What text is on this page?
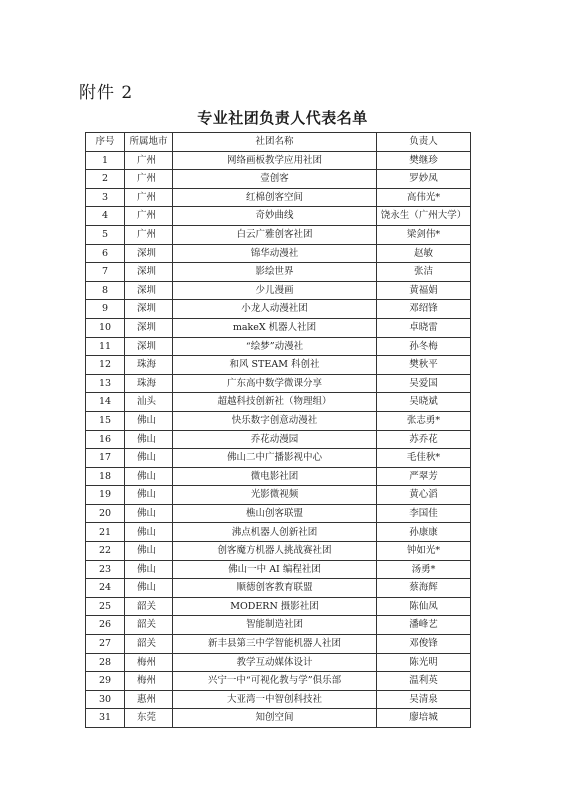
附件 2
专业社团负责人代表名单
序号	所属地市	社团名称	负责人
1	广州	网络画板教学应用社团	樊继珍
2	广州	壹创客	罗妙凤
3	广州	红棉创客空间	高伟光*
4	广州	奇妙曲线	饶永生（广州大学）
5	广州	白云广雅创客社团	梁剑伟*
6	深圳	锦华动漫社	赵敏
7	深圳	影绘世界	张洁
8	深圳	少儿漫画	黄福娟
9	深圳	小龙人动漫社团	邓绍锋
10	深圳	makeX 机器人社团	卓晓雷
11	深圳	“绘梦”动漫社	孙冬梅
12	珠海	和风 STEAM 科创社	樊秋平
13	珠海	广东高中数学微课分享	吴爱国
14	汕头	超越科技创新社（物理组）	吴晓斌
15	佛山	快乐数字创意动漫社	张志勇*
16	佛山	乔花动漫园	苏乔花
17	佛山	佛山二中广播影视中心	毛佳秋*
18	佛山	微电影社团	严翠芳
19	佛山	光影微视频	黄心滔
20	佛山	樵山创客联盟	李国佳
21	佛山	沸点机器人创新社团	孙康康
22	佛山	创客魔方机器人挑战赛社团	钟如光*
23	佛山	佛山一中 AI 编程社团	汤勇*
24	佛山	顺德创客教育联盟	蔡海辉
25	韶关	MODERN 摄影社团	陈仙凤
26	韶关	智能制造社团	潘峰艺
27	韶关	新丰县第三中学智能机器人社团	邓俊锋
28	梅州	教学互动媒体设计	陈光明
29	梅州	兴宁一中“可视化教与学”俱乐部	温利英
30	惠州	大亚湾一中智创科技社	吴清泉
31	东莞	知创空间	廖培城
